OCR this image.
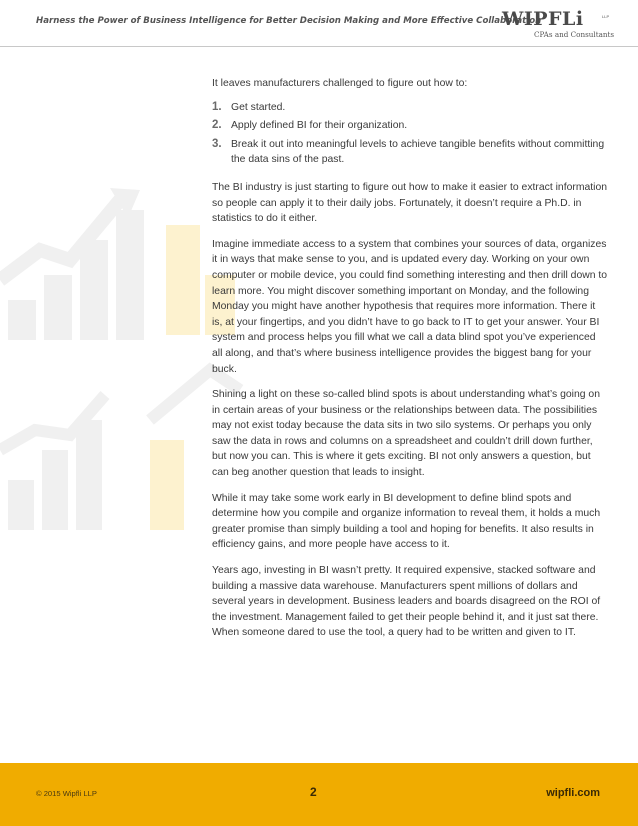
Harness the Power of Business Intelligence for Better Decision Making and More Effective Collaboration
WIPFLi	LLP
CPAs and Consultants

It leaves manufacturers challenged to figure out how to:

1. Get started.
2. Apply defined BI for their organization.
3. Break it out into meaningful levels to achieve tangible benefits without committing the data sins of the past.

The BI industry is just starting to figure out how to make it easier to extract information so people can apply it to their daily jobs. Fortunately, it doesn’t require a Ph.D. in statistics to do it either.

Imagine immediate access to a system that combines your sources of data, organizes it in ways that make sense to you, and is updated every day. Working on your own computer or mobile device, you could find something interesting and then drill down to learn more. You might discover something important on Monday, and the following Monday you might have another hypothesis that requires more information. There it is, at your fingertips, and you didn’t have to go back to IT to get your answer. Your BI system and process helps you fill what we call a data blind spot you’ve experienced all along, and that’s where business intelligence provides the biggest bang for your buck.

Shining a light on these so-called blind spots is about understanding what’s going on in certain areas of your business or the relationships between data. The possibilities may not exist today because the data sits in two silo systems. Or perhaps you only saw the data in rows and columns on a spreadsheet and couldn’t drill down further, but now you can. This is where it gets exciting. BI not only answers a question, but can beg another question that leads to insight.

While it may take some work early in BI development to define blind spots and determine how you compile and organize information to reveal them, it holds a much greater promise than simply building a tool and hoping for benefits. It also results in efficiency gains, and more people have access to it.

Years ago, investing in BI wasn’t pretty. It required expensive, stacked software and building a massive data warehouse. Manufacturers spent millions of dollars and several years in development. Business leaders and boards disagreed on the ROI of the investment. Management failed to get their people behind it, and it just sat there. When someone dared to use the tool, a query had to be written and given to IT.

© 2015 Wipfli LLP	2	wipfli.com
